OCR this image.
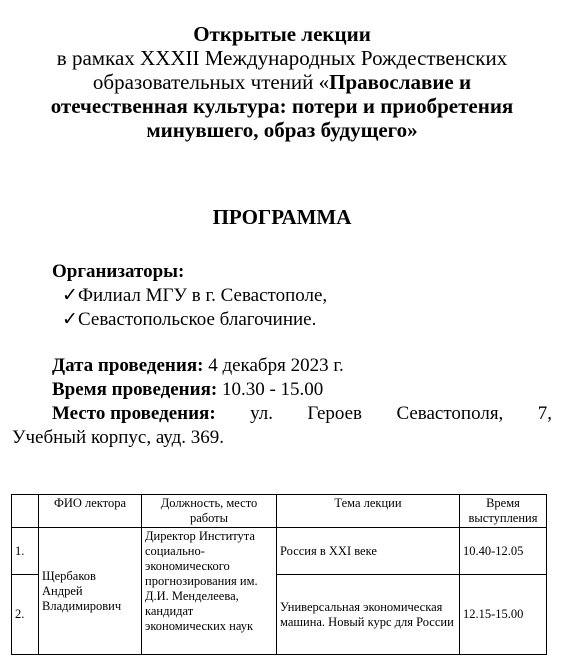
Открытые лекции
в рамках XXXII Международных Рождественских
образовательных чтений «Православие и
отечественная культура: потери и приобретения
минувшего, образ будущего»
ПРОГРАММА
Организаторы:
✓Филиал МГУ в г. Севастополе,
✓Севастопольское благочиние.
Дата проведения: 4 декабря 2023 г.
Время проведения: 10.30 - 15.00
Место проведения: ул. Героев Севастополя, 7,
Учебный корпус, ауд. 369.
	ФИО лектора	Должность, место работы	Тема лекции	Время выступления
1.	Щербаков Андрей Владимирович	Директор Института социально-экономического прогнозирования им. Д.И. Менделеева, кандидат экономических наук	Россия в XXI веке	10.40-12.05
2.			Универсальная экономическая машина. Новый курс для России	12.15-15.00
